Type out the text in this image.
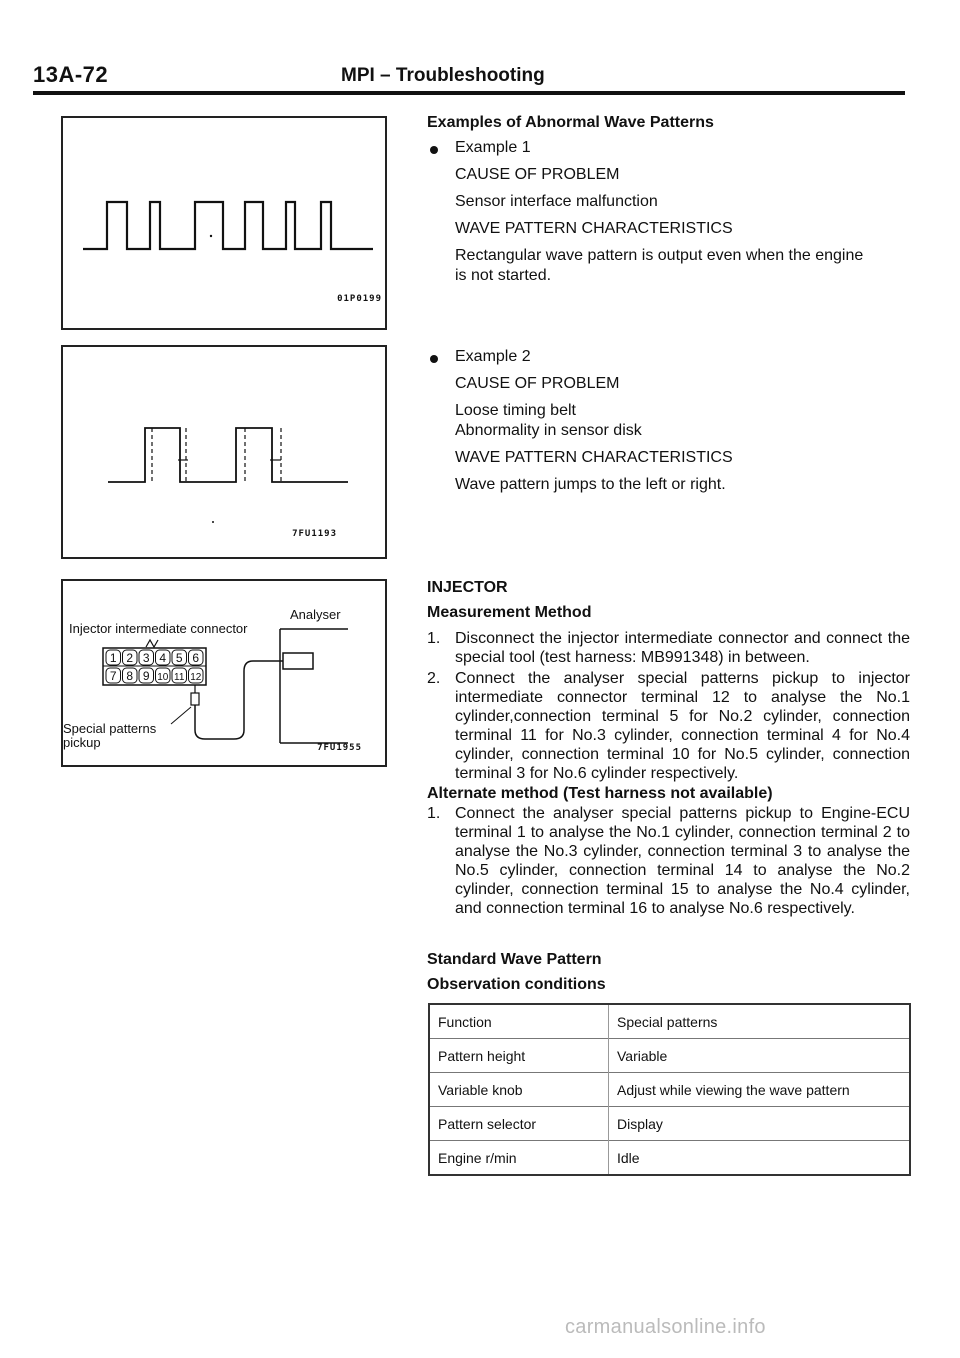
13A-72	MPI – Troubleshooting
01P0199
7FU1193
1 2 3 4 5 6
7 8 9 10 11 12
Analyser
Injector intermediate connector
Special patterns
pickup	7FU1955
Examples of Abnormal Wave Patterns
Example 1
CAUSE OF PROBLEM
Sensor interface malfunction
WAVE PATTERN CHARACTERISTICS
Rectangular wave pattern is output even when the engine
is not started.
Example 2
CAUSE OF PROBLEM
Loose timing belt
Abnormality in sensor disk
WAVE PATTERN CHARACTERISTICS
Wave pattern jumps to the left or right.
INJECTOR
Measurement Method
1. Disconnect the injector intermediate connector and connect the special tool (test harness: MB991348) in between.
2. Connect the analyser special patterns pickup to injector intermediate connector terminal 12 to analyse the No.1 cylinder,connection terminal 5 for No.2 cylinder, connection terminal 11 for No.3 cylinder, connection terminal 4 for No.4 cylinder, connection terminal 10 for No.5 cylinder, connection terminal 3 for No.6 cylinder respectively.
Alternate method (Test harness not available)
1. Connect the analyser special patterns pickup to Engine-ECU terminal 1 to analyse the No.1 cylinder, connection terminal 2 to analyse the No.3 cylinder, connection terminal 3 to analyse the No.5 cylinder, connection terminal 14 to analyse the No.2 cylinder, connection terminal 15 to analyse the No.4 cylinder, and connection terminal 16 to analyse No.6 respectively.
Standard Wave Pattern
Observation conditions
Function	Special patterns
Pattern height	Variable
Variable knob	Adjust while viewing the wave pattern
Pattern selector	Display
Engine r/min	Idle
carmanualsonline.info
